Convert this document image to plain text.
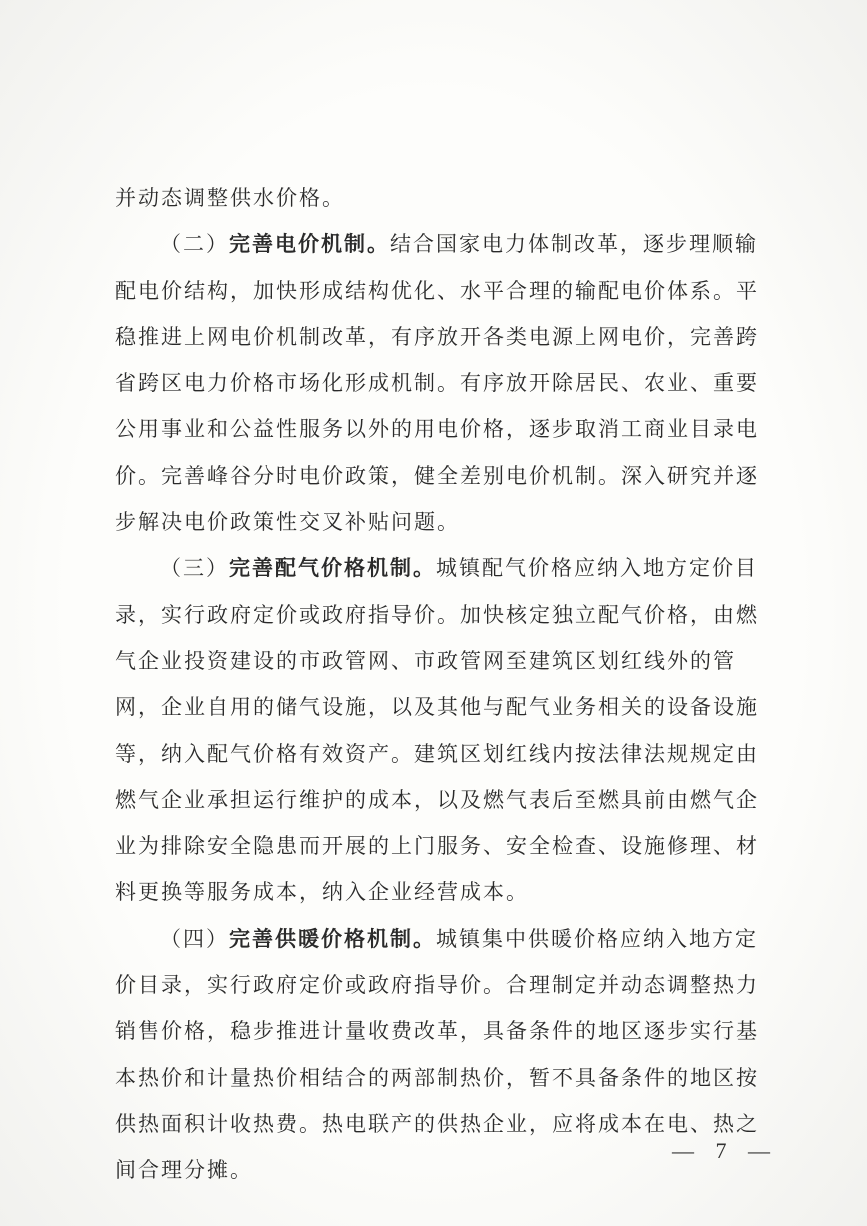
并动态调整供水价格。
（二）完善电价机制。结合国家电力体制改革，逐步理顺输
配电价结构，加快形成结构优化、水平合理的输配电价体系。平
稳推进上网电价机制改革，有序放开各类电源上网电价，完善跨
省跨区电力价格市场化形成机制。有序放开除居民、农业、重要
公用事业和公益性服务以外的用电价格，逐步取消工商业目录电
价。完善峰谷分时电价政策，健全差别电价机制。深入研究并逐
步解决电价政策性交叉补贴问题。
（三）完善配气价格机制。城镇配气价格应纳入地方定价目
录，实行政府定价或政府指导价。加快核定独立配气价格，由燃
气企业投资建设的市政管网、市政管网至建筑区划红线外的管
网，企业自用的储气设施，以及其他与配气业务相关的设备设施
等，纳入配气价格有效资产。建筑区划红线内按法律法规规定由
燃气企业承担运行维护的成本，以及燃气表后至燃具前由燃气企
业为排除安全隐患而开展的上门服务、安全检查、设施修理、材
料更换等服务成本，纳入企业经营成本。
（四）完善供暖价格机制。城镇集中供暖价格应纳入地方定
价目录，实行政府定价或政府指导价。合理制定并动态调整热力
销售价格，稳步推进计量收费改革，具备条件的地区逐步实行基
本热价和计量热价相结合的两部制热价，暂不具备条件的地区按
供热面积计收热费。热电联产的供热企业，应将成本在电、热之
间合理分摊。
— 7 —
